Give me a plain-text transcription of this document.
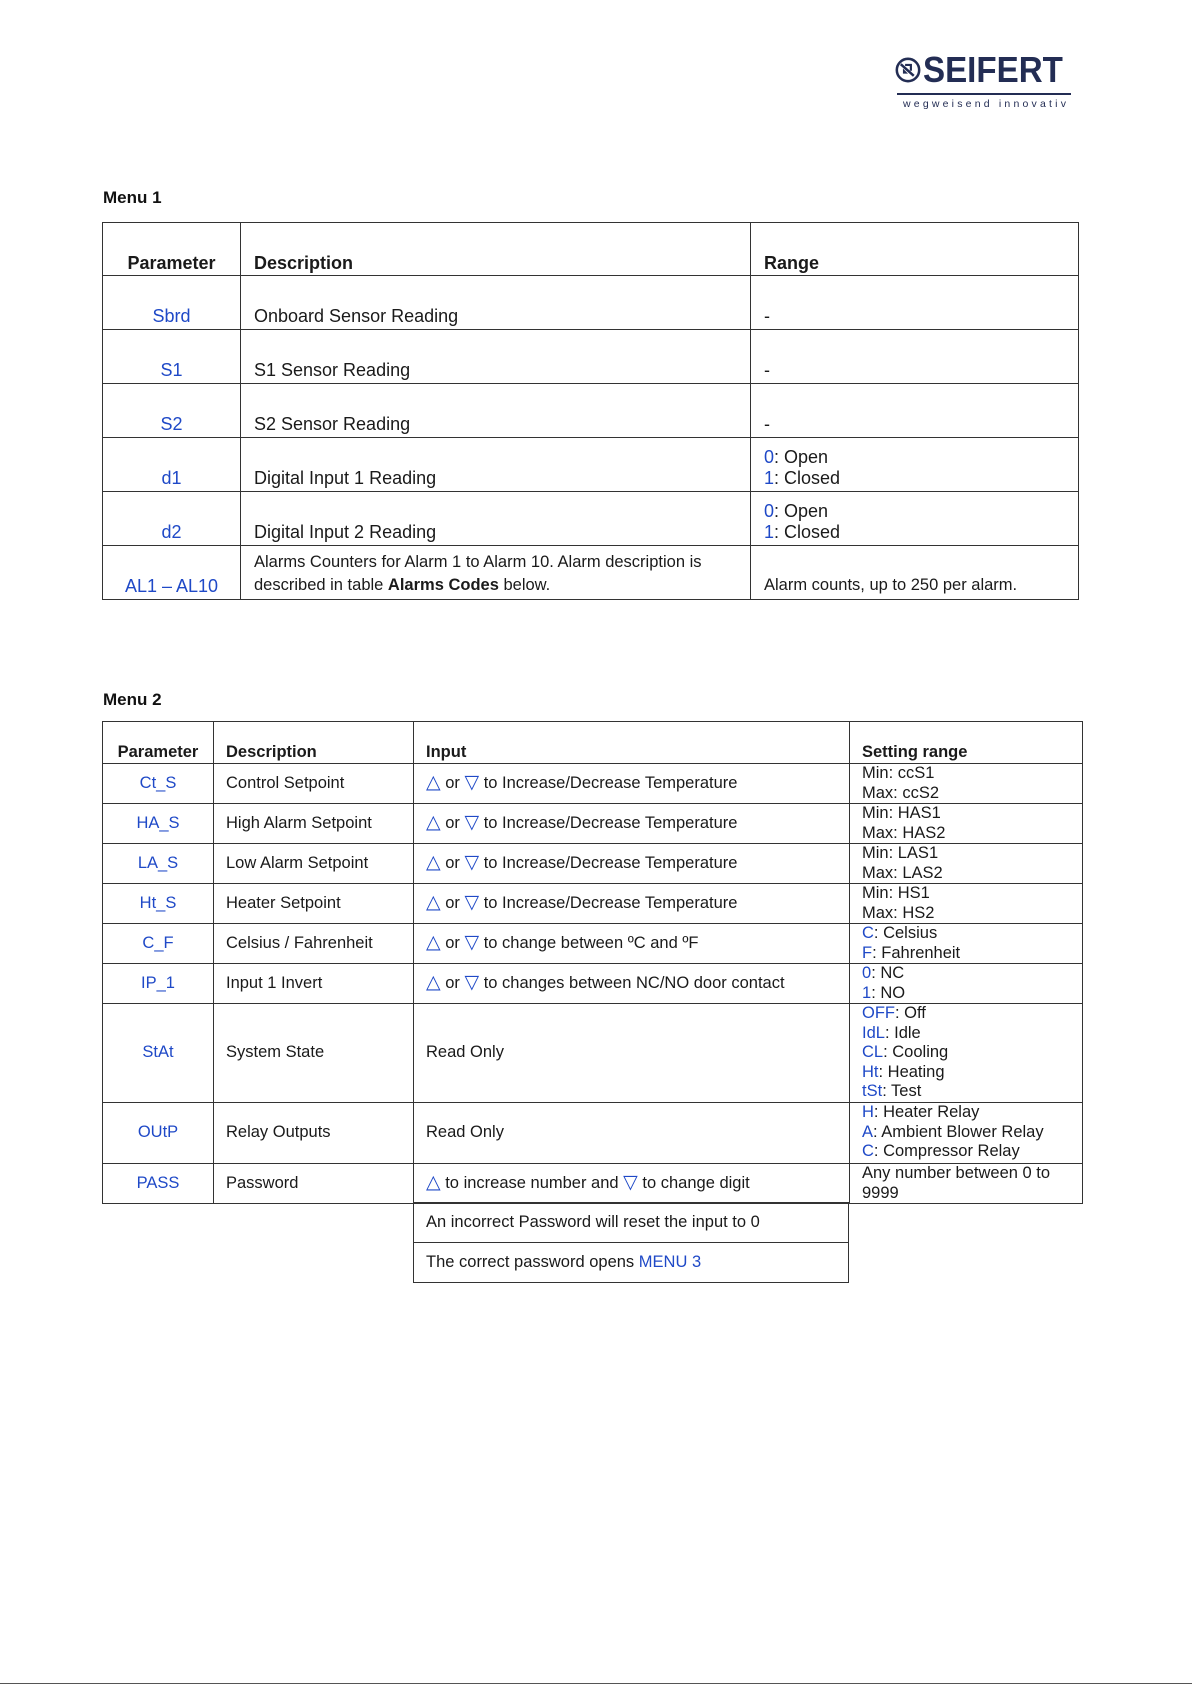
SEIFERT
wegweisend innovativ
Menu 1
Parameter	Description	Range
Sbrd	Onboard Sensor Reading	-
S1	S1 Sensor Reading	-
S2	S2 Sensor Reading	-
d1	Digital Input 1 Reading	0: Open
1: Closed

d2	Digital Input 2 Reading	0: Open
1: Closed

AL1 – AL10	Alarms Counters for Alarm 1 to Alarm 10. Alarm description is
described in table Alarms Codes below.	Alarm counts, up to 250 per alarm.
Menu 2
Parameter	Description	Input	Setting range
Ct_S	Control Setpoint	△ or ▽ to Increase/Decrease Temperature	Min: ccS1
Max: ccS2

HA_S	High Alarm Setpoint	△ or ▽ to Increase/Decrease Temperature	Min: HAS1
Max: HAS2

LA_S	Low Alarm Setpoint	△ or ▽ to Increase/Decrease Temperature	Min: LAS1
Max: LAS2

Ht_S	Heater Setpoint	△ or ▽ to Increase/Decrease Temperature	Min: HS1
Max: HS2

C_F	Celsius / Fahrenheit	△ or ▽ to change between ºC and ºF	C: Celsius
F: Fahrenheit

IP_1	Input 1 Invert	△ or ▽ to changes between NC/NO door contact	0: NC
1: NO

StAt	System State	Read Only	OFF: Off
IdL: Idle
CL: Cooling
Ht: Heating
tSt: Test

OUtP	Relay Outputs	Read Only	H: Heater Relay
A: Ambient Blower Relay
C: Compressor Relay

PASS	Password	△ to increase number and ▽ to change digit	Any number between 0 to
9999
An incorrect Password will reset the input to 0
The correct password opens MENU 3
